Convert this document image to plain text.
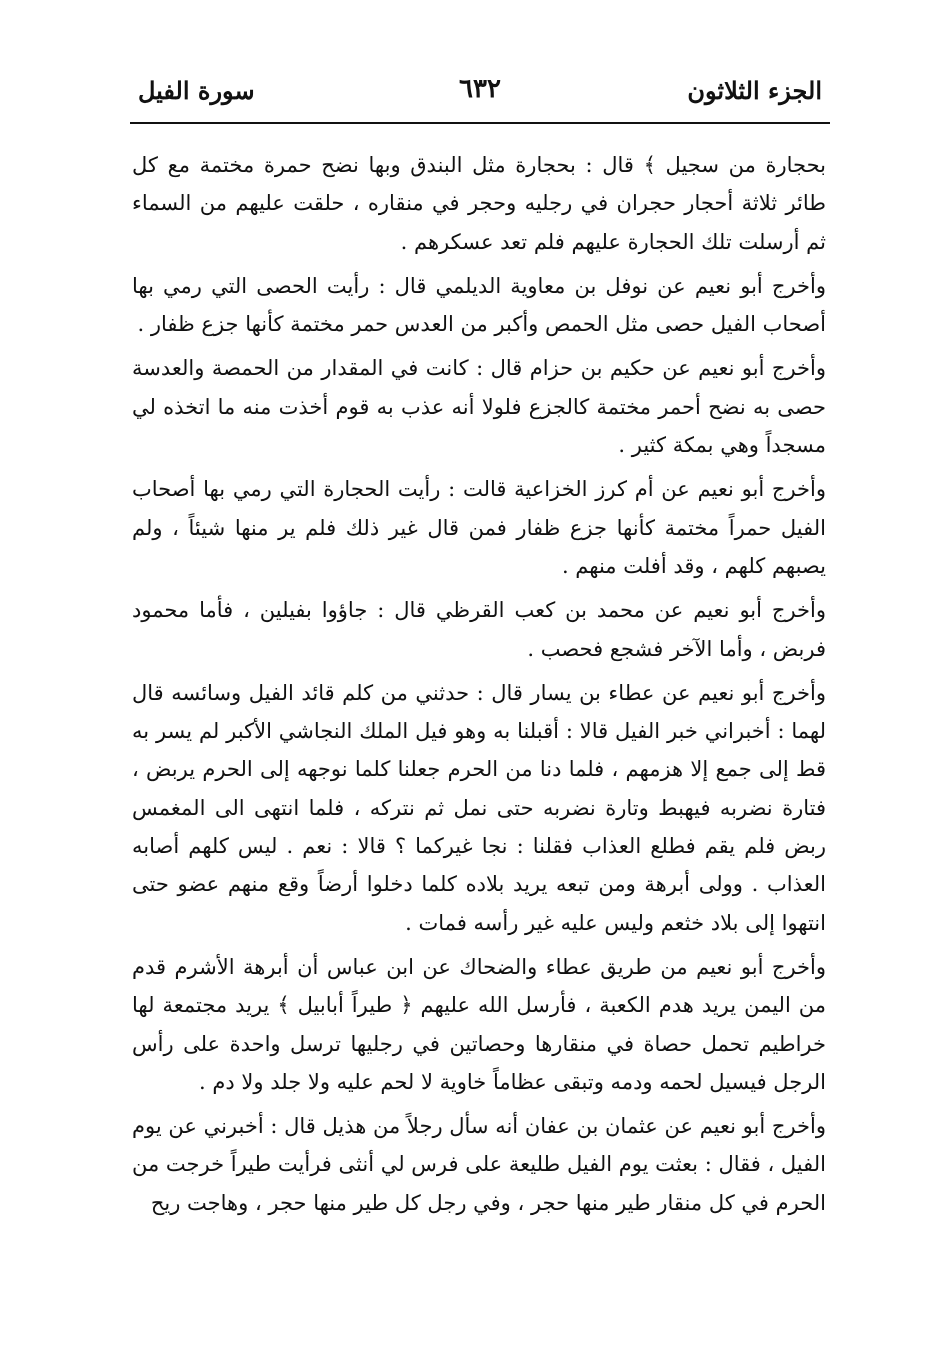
الجزء الثلاثون
٦٣٢
سورة الفيل

بحجارة من سجيل ﴾ قال : بحجارة مثل البندق وبها نضح حمرة مختمة مع كل طائر ثلاثة أحجار حجران في رجليه وحجر في منقاره ، حلقت عليهم من السماء ثم أرسلت تلك الحجارة عليهم فلم تعد عسكرهم .

وأخرج أبو نعيم عن نوفل بن معاوية الديلمي قال : رأيت الحصى التي رمي بها أصحاب الفيل حصى مثل الحمص وأكبر من العدس حمر مختمة كأنها جزع ظفار .

وأخرج أبو نعيم عن حكيم بن حزام قال : كانت في المقدار من الحمصة والعدسة حصى به نضح أحمر مختمة كالجزع فلولا أنه عذب به قوم أخذت منه ما اتخذه لي مسجداً وهي بمكة كثير .

وأخرج أبو نعيم عن أم كرز الخزاعية قالت : رأيت الحجارة التي رمي بها أصحاب الفيل حمراً مختمة كأنها جزع ظفار فمن قال غير ذلك فلم ير منها شيئاً ، ولم يصبهم كلهم ، وقد أفلت منهم .

وأخرج أبو نعيم عن محمد بن كعب القرظي قال : جاؤوا بفيلين ، فأما محمود فربض ، وأما الآخر فشجع فحصب .

وأخرج أبو نعيم عن عطاء بن يسار قال : حدثني من كلم قائد الفيل وسائسه قال لهما : أخبراني خبر الفيل قالا : أقبلنا به وهو فيل الملك النجاشي الأكبر لم يسر به قط إلى جمع إلا هزمهم ، فلما دنا من الحرم جعلنا كلما نوجهه إلى الحرم يربض ، فتارة نضربه فيهبط وتارة نضربه حتى نمل ثم نتركه ، فلما انتهى الى المغمس ربض فلم يقم فطلع العذاب فقلنا : نجا غيركما ؟ قالا : نعم . ليس كلهم أصابه العذاب . وولى أبرهة ومن تبعه يريد بلاده كلما دخلوا أرضاً وقع منهم عضو حتى انتهوا إلى بلاد خثعم وليس عليه غير رأسه فمات .

وأخرج أبو نعيم من طريق عطاء والضحاك عن ابن عباس أن أبرهة الأشرم قدم من اليمن يريد هدم الكعبة ، فأرسل الله عليهم ﴿ طيراً أبابيل ﴾ يريد مجتمعة لها خراطيم تحمل حصاة في منقارها وحصاتين في رجليها ترسل واحدة على رأس الرجل فيسيل لحمه ودمه وتبقى عظاماً خاوية لا لحم عليه ولا جلد ولا دم .

وأخرج أبو نعيم عن عثمان بن عفان أنه سأل رجلاً من هذيل قال : أخبرني عن يوم الفيل ، فقال : بعثت يوم الفيل طليعة على فرس لي أنثى فرأيت طيراً خرجت من الحرم في كل منقار طير منها حجر ، وفي رجل كل طير منها حجر ، وهاجت ريح
